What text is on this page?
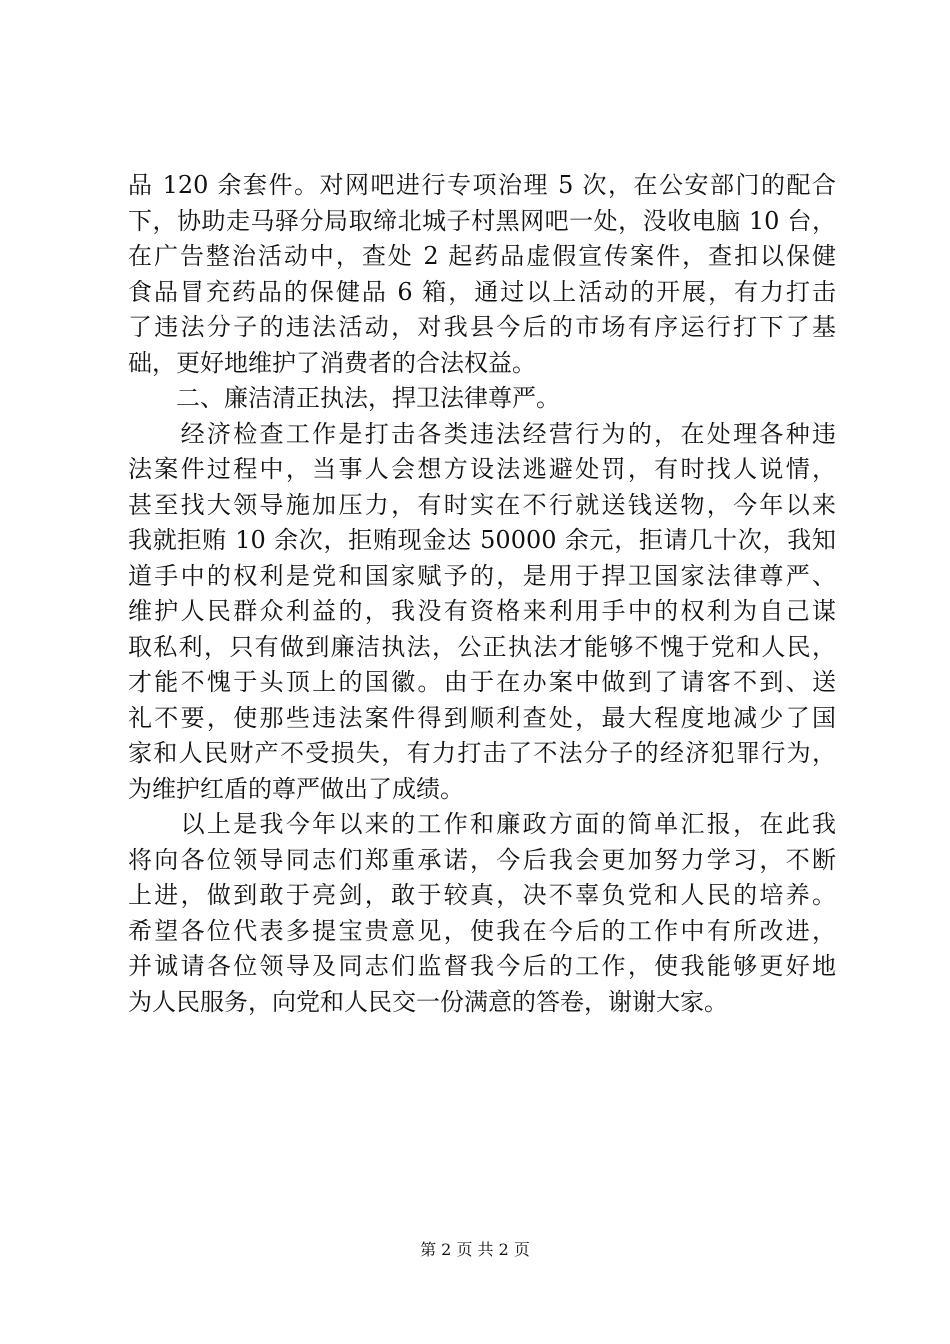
品 120 余套件。对网吧进行专项治理 5 次，在公安部门的配合
下，协助走马驿分局取缔北城子村黑网吧一处，没收电脑 10 台，
在广告整治活动中，查处 2 起药品虚假宣传案件，查扣以保健
食品冒充药品的保健品 6 箱，通过以上活动的开展，有力打击
了违法分子的违法活动，对我县今后的市场有序运行打下了基
础，更好地维护了消费者的合法权益。
　　二、廉洁清正执法，捍卫法律尊严。
　　经济检查工作是打击各类违法经营行为的，在处理各种违
法案件过程中，当事人会想方设法逃避处罚，有时找人说情，
甚至找大领导施加压力，有时实在不行就送钱送物，今年以来
我就拒贿 10 余次，拒贿现金达 50000 余元，拒请几十次，我知
道手中的权利是党和国家赋予的，是用于捍卫国家法律尊严、
维护人民群众利益的，我没有资格来利用手中的权利为自己谋
取私利，只有做到廉洁执法，公正执法才能够不愧于党和人民，
才能不愧于头顶上的国徽。由于在办案中做到了请客不到、送
礼不要，使那些违法案件得到顺利查处，最大程度地减少了国
家和人民财产不受损失，有力打击了不法分子的经济犯罪行为，
为维护红盾的尊严做出了成绩。
　　以上是我今年以来的工作和廉政方面的简单汇报，在此我
将向各位领导同志们郑重承诺，今后我会更加努力学习，不断
上进，做到敢于亮剑，敢于较真，决不辜负党和人民的培养。
希望各位代表多提宝贵意见，使我在今后的工作中有所改进，
并诚请各位领导及同志们监督我今后的工作，使我能够更好地
为人民服务，向党和人民交一份满意的答卷，谢谢大家。
第 2 页 共 2 页
